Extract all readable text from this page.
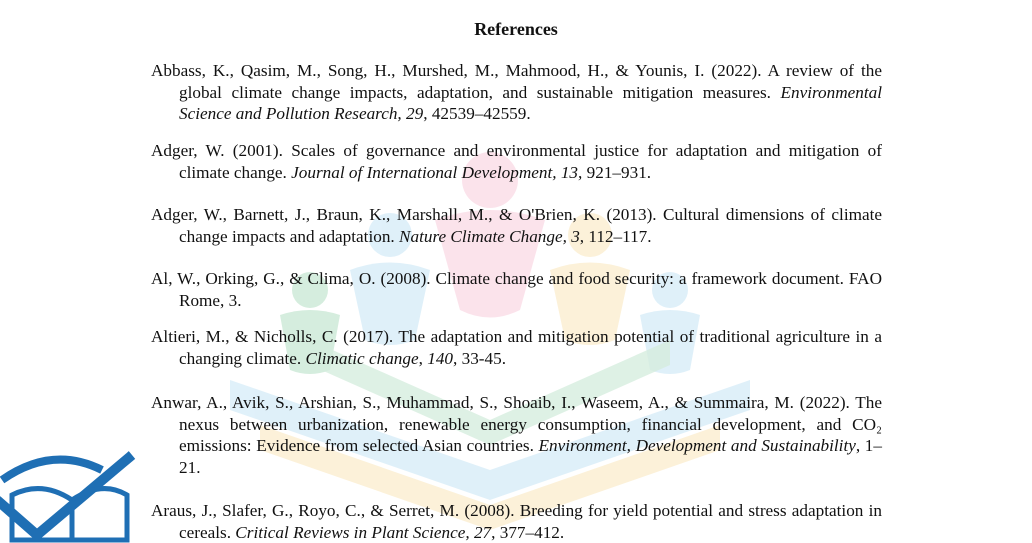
References

Abbass, K., Qasim, M., Song, H., Murshed, M., Mahmood, H., & Younis, I. (2022). A review of the global climate change impacts, adaptation, and sustainable mitigation measures. Environmental Science and Pollution Research, 29, 42539–42559.

Adger, W. (2001). Scales of governance and environmental justice for adaptation and mitigation of climate change. Journal of International Development, 13, 921–931.

Adger, W., Barnett, J., Braun, K., Marshall, M., & O'Brien, K. (2013). Cultural dimensions of climate change impacts and adaptation. Nature Climate Change, 3, 112–117.

Al, W., Orking, G., & Clima, O. (2008). Climate change and food security: a framework document. FAO Rome, 3.

Altieri, M., & Nicholls, C. (2017). The adaptation and mitigation potential of traditional agriculture in a changing climate. Climatic change, 140, 33-45.

Anwar, A., Avik, S., Arshian, S., Muhammad, S., Shoaib, I., Waseem, A., & Summaira, M. (2022). The nexus between urbanization, renewable energy consumption, financial development, and CO₂ emissions: Evidence from selected Asian countries. Environment, Development and Sustainability, 1–21.

Araus, J., Slafer, G., Royo, C., & Serret, M. (2008). Breeding for yield potential and stress adaptation in cereals. Critical Reviews in Plant Science, 27, 377–412.
